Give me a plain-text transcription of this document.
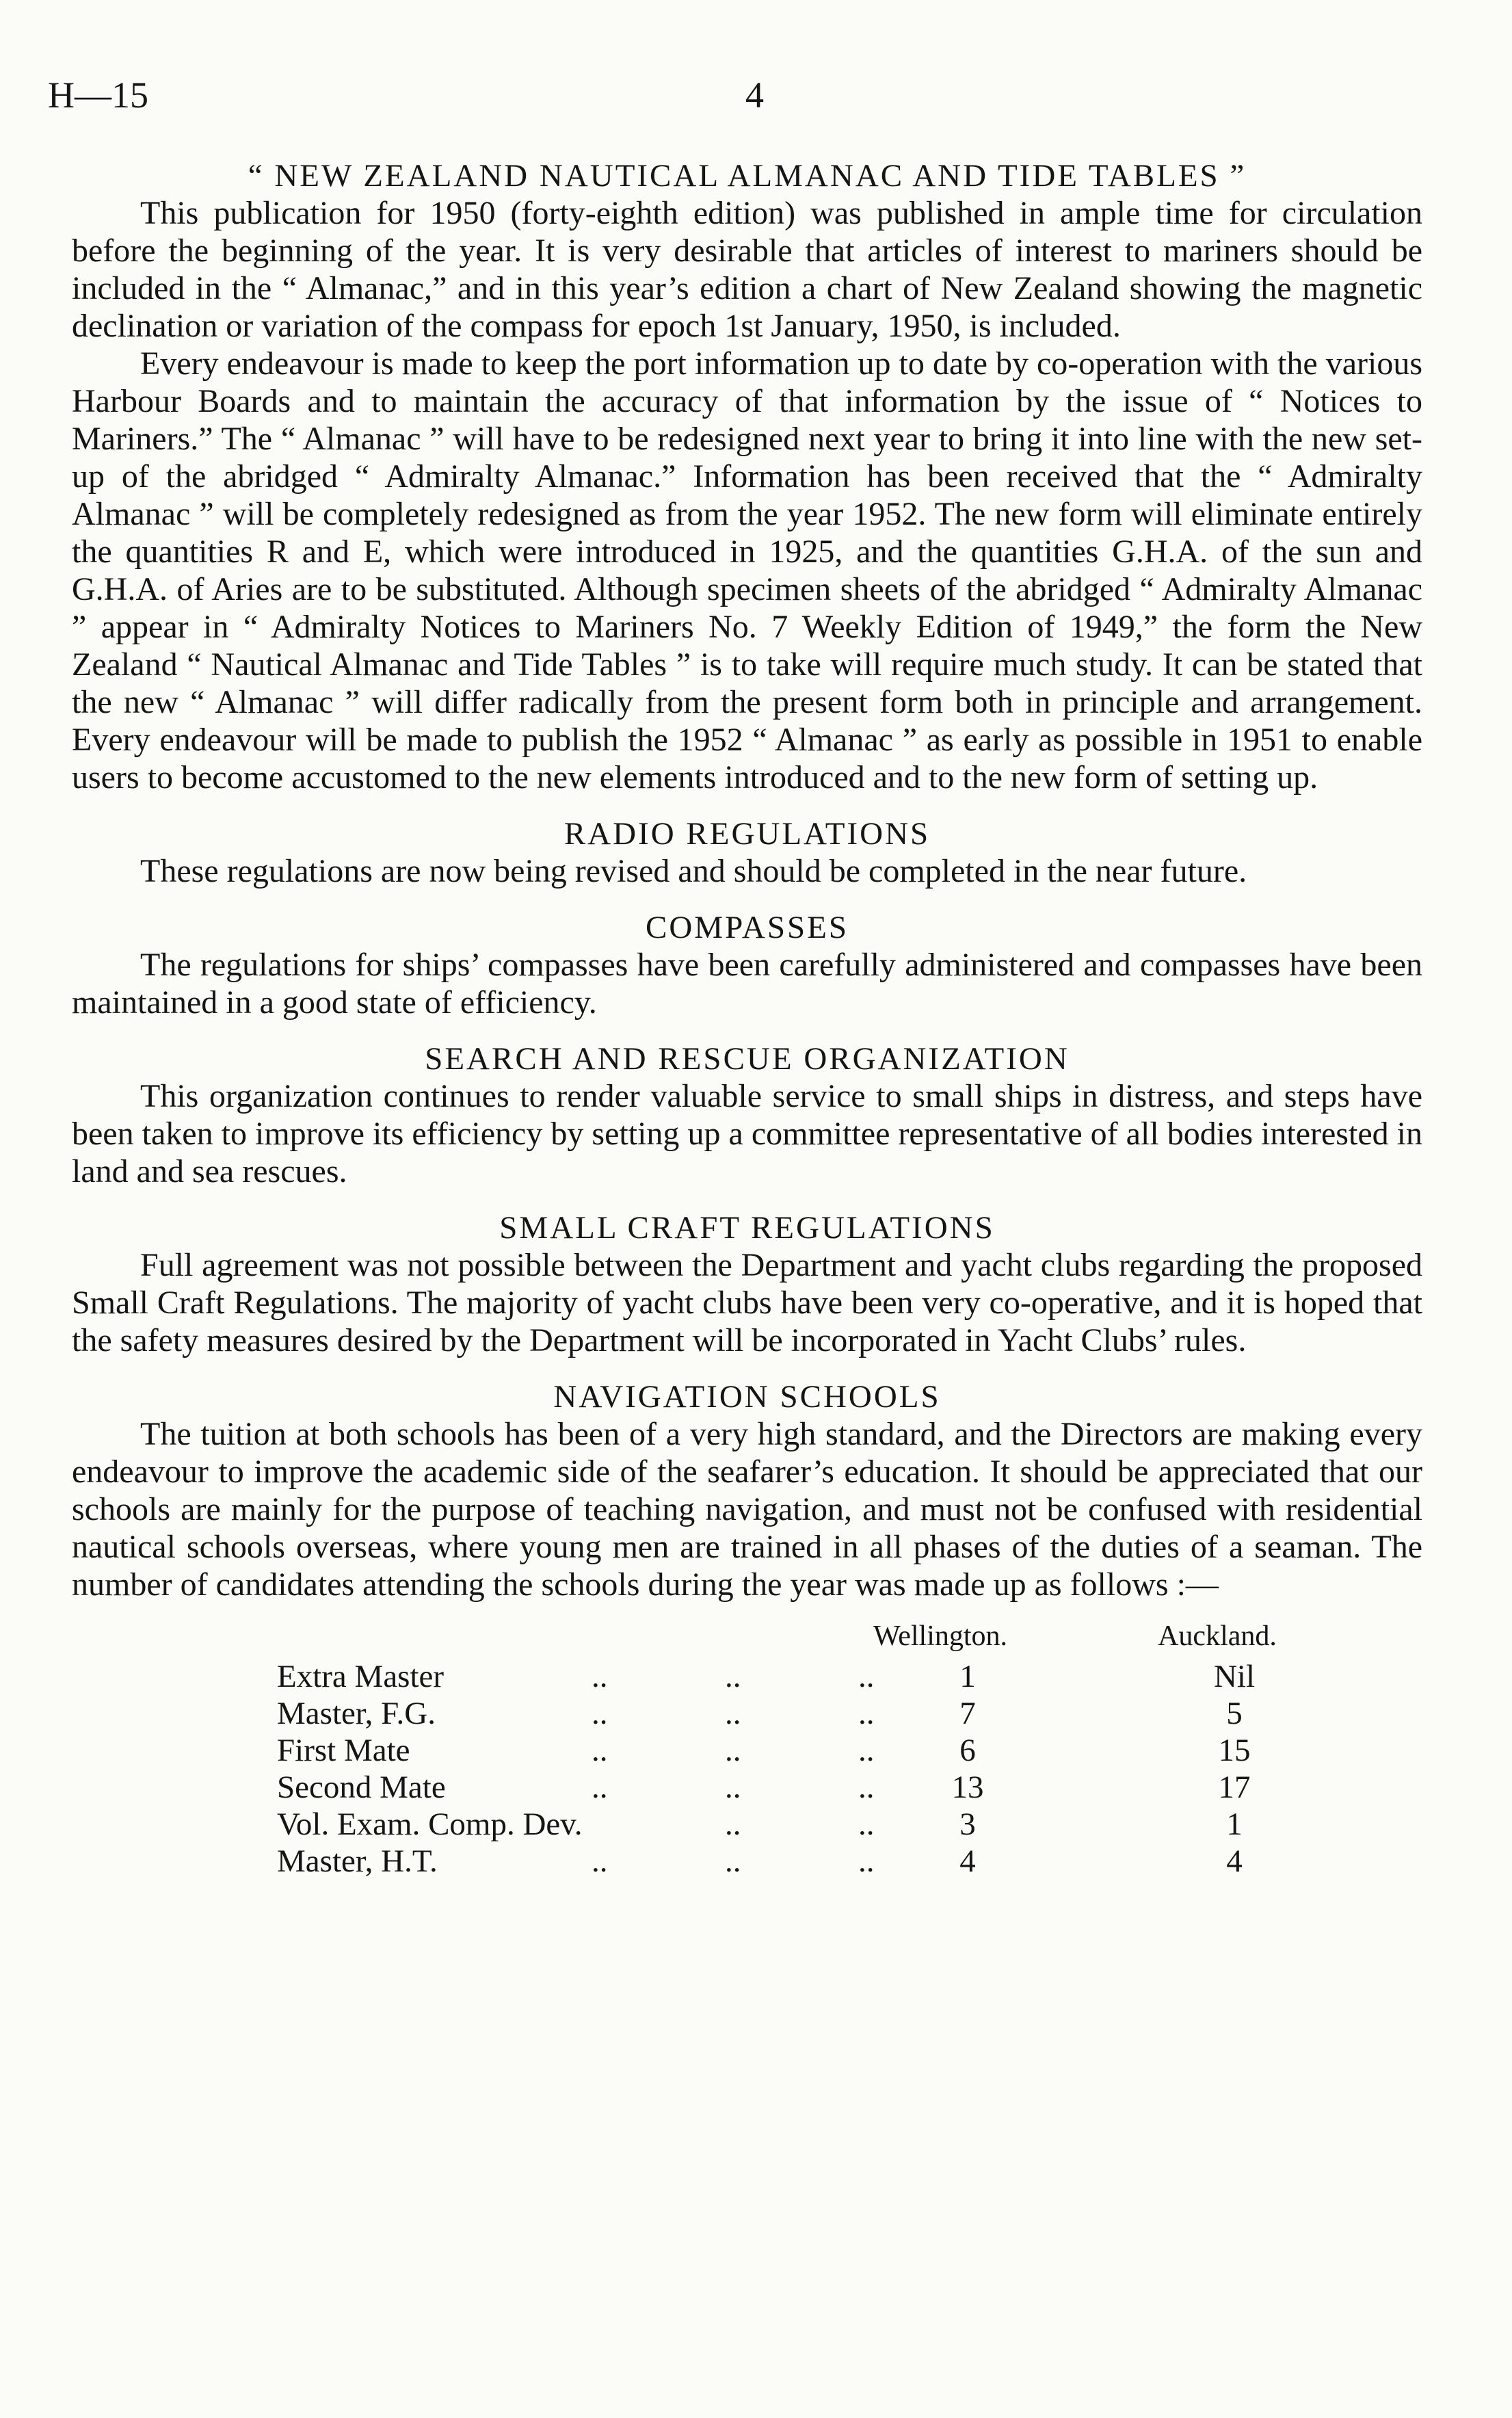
H—15	4
“ NEW ZEALAND NAUTICAL ALMANAC AND TIDE TABLES ”

This publication for 1950 (forty-eighth edition) was published in ample time for circulation before the beginning of the year. It is very desirable that articles of interest to mariners should be included in the “ Almanac,” and in this year’s edition a chart of New Zealand showing the magnetic declination or variation of the compass for epoch 1st January, 1950, is included.

Every endeavour is made to keep the port information up to date by co-operation with the various Harbour Boards and to maintain the accuracy of that information by the issue of “ Notices to Mariners.” The “ Almanac ” will have to be redesigned next year to bring it into line with the new set-up of the abridged “ Admiralty Almanac.” Information has been received that the “ Admiralty Almanac ” will be completely redesigned as from the year 1952. The new form will eliminate entirely the quantities R and E, which were introduced in 1925, and the quantities G.H.A. of the sun and G.H.A. of Aries are to be substituted. Although specimen sheets of the abridged “ Admiralty Almanac ” appear in “ Admiralty Notices to Mariners No. 7 Weekly Edition of 1949,” the form the New Zealand “ Nautical Almanac and Tide Tables ” is to take will require much study. It can be stated that the new “ Almanac ” will differ radically from the present form both in principle and arrangement. Every endeavour will be made to publish the 1952 “ Almanac ” as early as possible in 1951 to enable users to become accustomed to the new elements introduced and to the new form of setting up.

RADIO REGULATIONS

These regulations are now being revised and should be completed in the near future.

COMPASSES

The regulations for ships’ compasses have been carefully administered and compasses have been maintained in a good state of efficiency.

SEARCH AND RESCUE ORGANIZATION

This organization continues to render valuable service to small ships in distress, and steps have been taken to improve its efficiency by setting up a committee representative of all bodies interested in land and sea rescues.

SMALL CRAFT REGULATIONS

Full agreement was not possible between the Department and yacht clubs regarding the proposed Small Craft Regulations. The majority of yacht clubs have been very co-operative, and it is hoped that the safety measures desired by the Department will be incorporated in Yacht Clubs’ rules.

NAVIGATION SCHOOLS

The tuition at both schools has been of a very high standard, and the Directors are making every endeavour to improve the academic side of the seafarer’s education. It should be appreciated that our schools are mainly for the purpose of teaching navigation, and must not be confused with residential nautical schools overseas, where young men are trained in all phases of the duties of a seaman. The number of candidates attending the schools during the year was made up as follows :—

Wellington.	Auckland.
Extra Master	..	..	..	1	Nil
Master, F.G.	..	..	..	7	5
First Mate	..	..	..	6	15
Second Mate	..	..	..	13	17
Vol. Exam. Comp. Dev.	..	..	3	1
Master, H.T.	..	..	..	4	4
